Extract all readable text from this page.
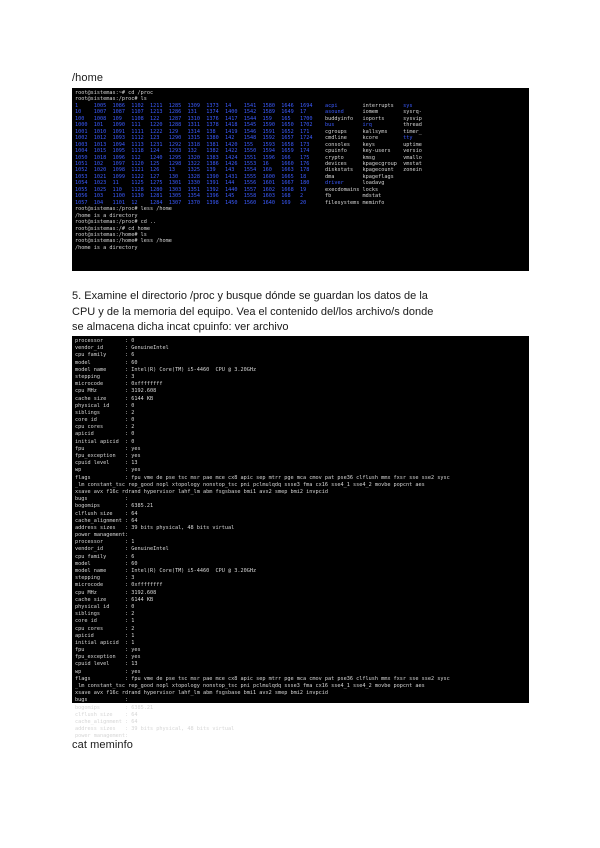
/home
root@sistemas:~# cd /proc
root@sistemas:/proc# ls
1	1005 1086 1102 1211 1285 1309 1373 14 1541 1580 1646 1694 acpi	interrupts sys
10 1007 1087 1107 1213 1286 131 1374 1400 1542 1589 1649 17	asound	iomem	sysrq-
100 1008 109 1108 122 1287 1310 1376 1417 1544 159 165 1700 buddyinfo ioports	sysvip
1000 101 1090 111 1220 1288 1311 1378 1418 1545 1590 1650 1702 bus	irq	thread
1001 1010 1091 1111 1222 129 1314 138 1419 1546 1591 1652 171	cgroups	kallsyms	timer_
1002 1012 1093 1112 123 1290 1315 1380 142 1548 1592 1657 1724 cmdline	kcore	tty
1003 1013 1094 1113 1231 1292 1318 1381 1420 155 1593 1658 173	consoles keys	uptime
1004 1015 1095 1118 124 1293 132 1382 1422 1550 1594 1659 174	cpuinfo	key-users versio
1050 1018 1096 112 1240 1295 1320 1383 1424 1551 1596 166 175	crypto	kmsg	vmallo
1051 102 1097 1120 125 1298 1322 1386 1426 1553 16 1660 176	devices	kpagecgroup vmstat
1052 1020 1098 1121 126 13 1325 139 143 1554 160 1663 178	diskstats kpagecount zonein
1053 1021 1099 1122 127 130 1328 1390 1431 1555 1600 1665 18	dma	kpageflags
1054 1023 11 1125 1275 1301 1330 1391 144 1556 1601 1667 180	driver	loadavg
1055 1025 110 1128 1280 1303 1351 1392 1440 1557 1602 1668 19	execdomains locks
1056 103 1100 1130 1281 1305 1354 1396 145 1558 1603 168 2	fb	mdstat
1057 104 1101 12 1284 1307 1370 1398 1450 1560 1640 169 20	filesystems meminfo
root@sistemas:/proc# less /home
/home is a directory
root@sistemas:/proc# cd ..
root@sistemas:/# cd home
root@sistemas:/home# ls
root@sistemas:/home# less /home
/home is a directory
5. Examine el directorio /proc y busque dónde se guardan los datos de la
CPU y de la memoria del equipo. Vea el contenido del/los archivo/s donde
se almacena dicha incat cpuinfo: ver archivo
processor       : 0
vendor_id       : GenuineIntel
cpu family      : 6
model           : 60
model name      : Intel(R) Core(TM) i5-4460  CPU @ 3.20GHz
stepping        : 3
microcode       : 0xffffffff
cpu MHz         : 3192.608
cache size      : 6144 KB
physical id     : 0
siblings        : 2
core id         : 0
cpu cores       : 2
apicid          : 0
initial apicid  : 0
fpu             : yes
fpu_exception   : yes
cpuid level     : 13
wp              : yes
flags           : fpu vme de pse tsc msr pae mce cx8 apic sep mtrr pge mca cmov pat pse36 clflush mmx fxsr sse sse2 sysc
_lm constant_tsc rep_good nopl xtopology nonstop_tsc pni pclmulqdq ssse3 fma cx16 sse4_1 sse4_2 movbe popcnt aes
xsave avx f16c rdrand hypervisor lahf_lm abm fsgsbase bmi1 avx2 smep bmi2 invpcid
bugs            :
bogomips        : 6385.21
clflush size    : 64
cache_alignment : 64
address sizes   : 39 bits physical, 48 bits virtual
power management:
processor       : 1
vendor_id       : GenuineIntel
cpu family      : 6
model           : 60
model name      : Intel(R) Core(TM) i5-4460  CPU @ 3.20GHz
stepping        : 3
microcode       : 0xffffffff
cpu MHz         : 3192.608
cache size      : 6144 KB
physical id     : 0
siblings        : 2
core id         : 1
cpu cores       : 2
apicid          : 1
initial apicid  : 1
fpu             : yes
fpu_exception   : yes
cpuid level     : 13
wp              : yes
flags           : fpu vme de pse tsc msr pae mce cx8 apic sep mtrr pge mca cmov pat pse36 clflush mmx fxsr sse sse2 sysc
_lm constant_tsc rep_good nopl xtopology nonstop_tsc pni pclmulqdq ssse3 fma cx16 sse4_1 sse4_2 movbe popcnt aes
xsave avx f16c rdrand hypervisor lahf_lm abm fsgsbase bmi1 avx2 smep bmi2 invpcid
bugs            :
bogomips        : 6385.21
clflush size    : 64
cache_alignment : 64
address sizes   : 39 bits physical, 48 bits virtual
power management:
cat meminfo
